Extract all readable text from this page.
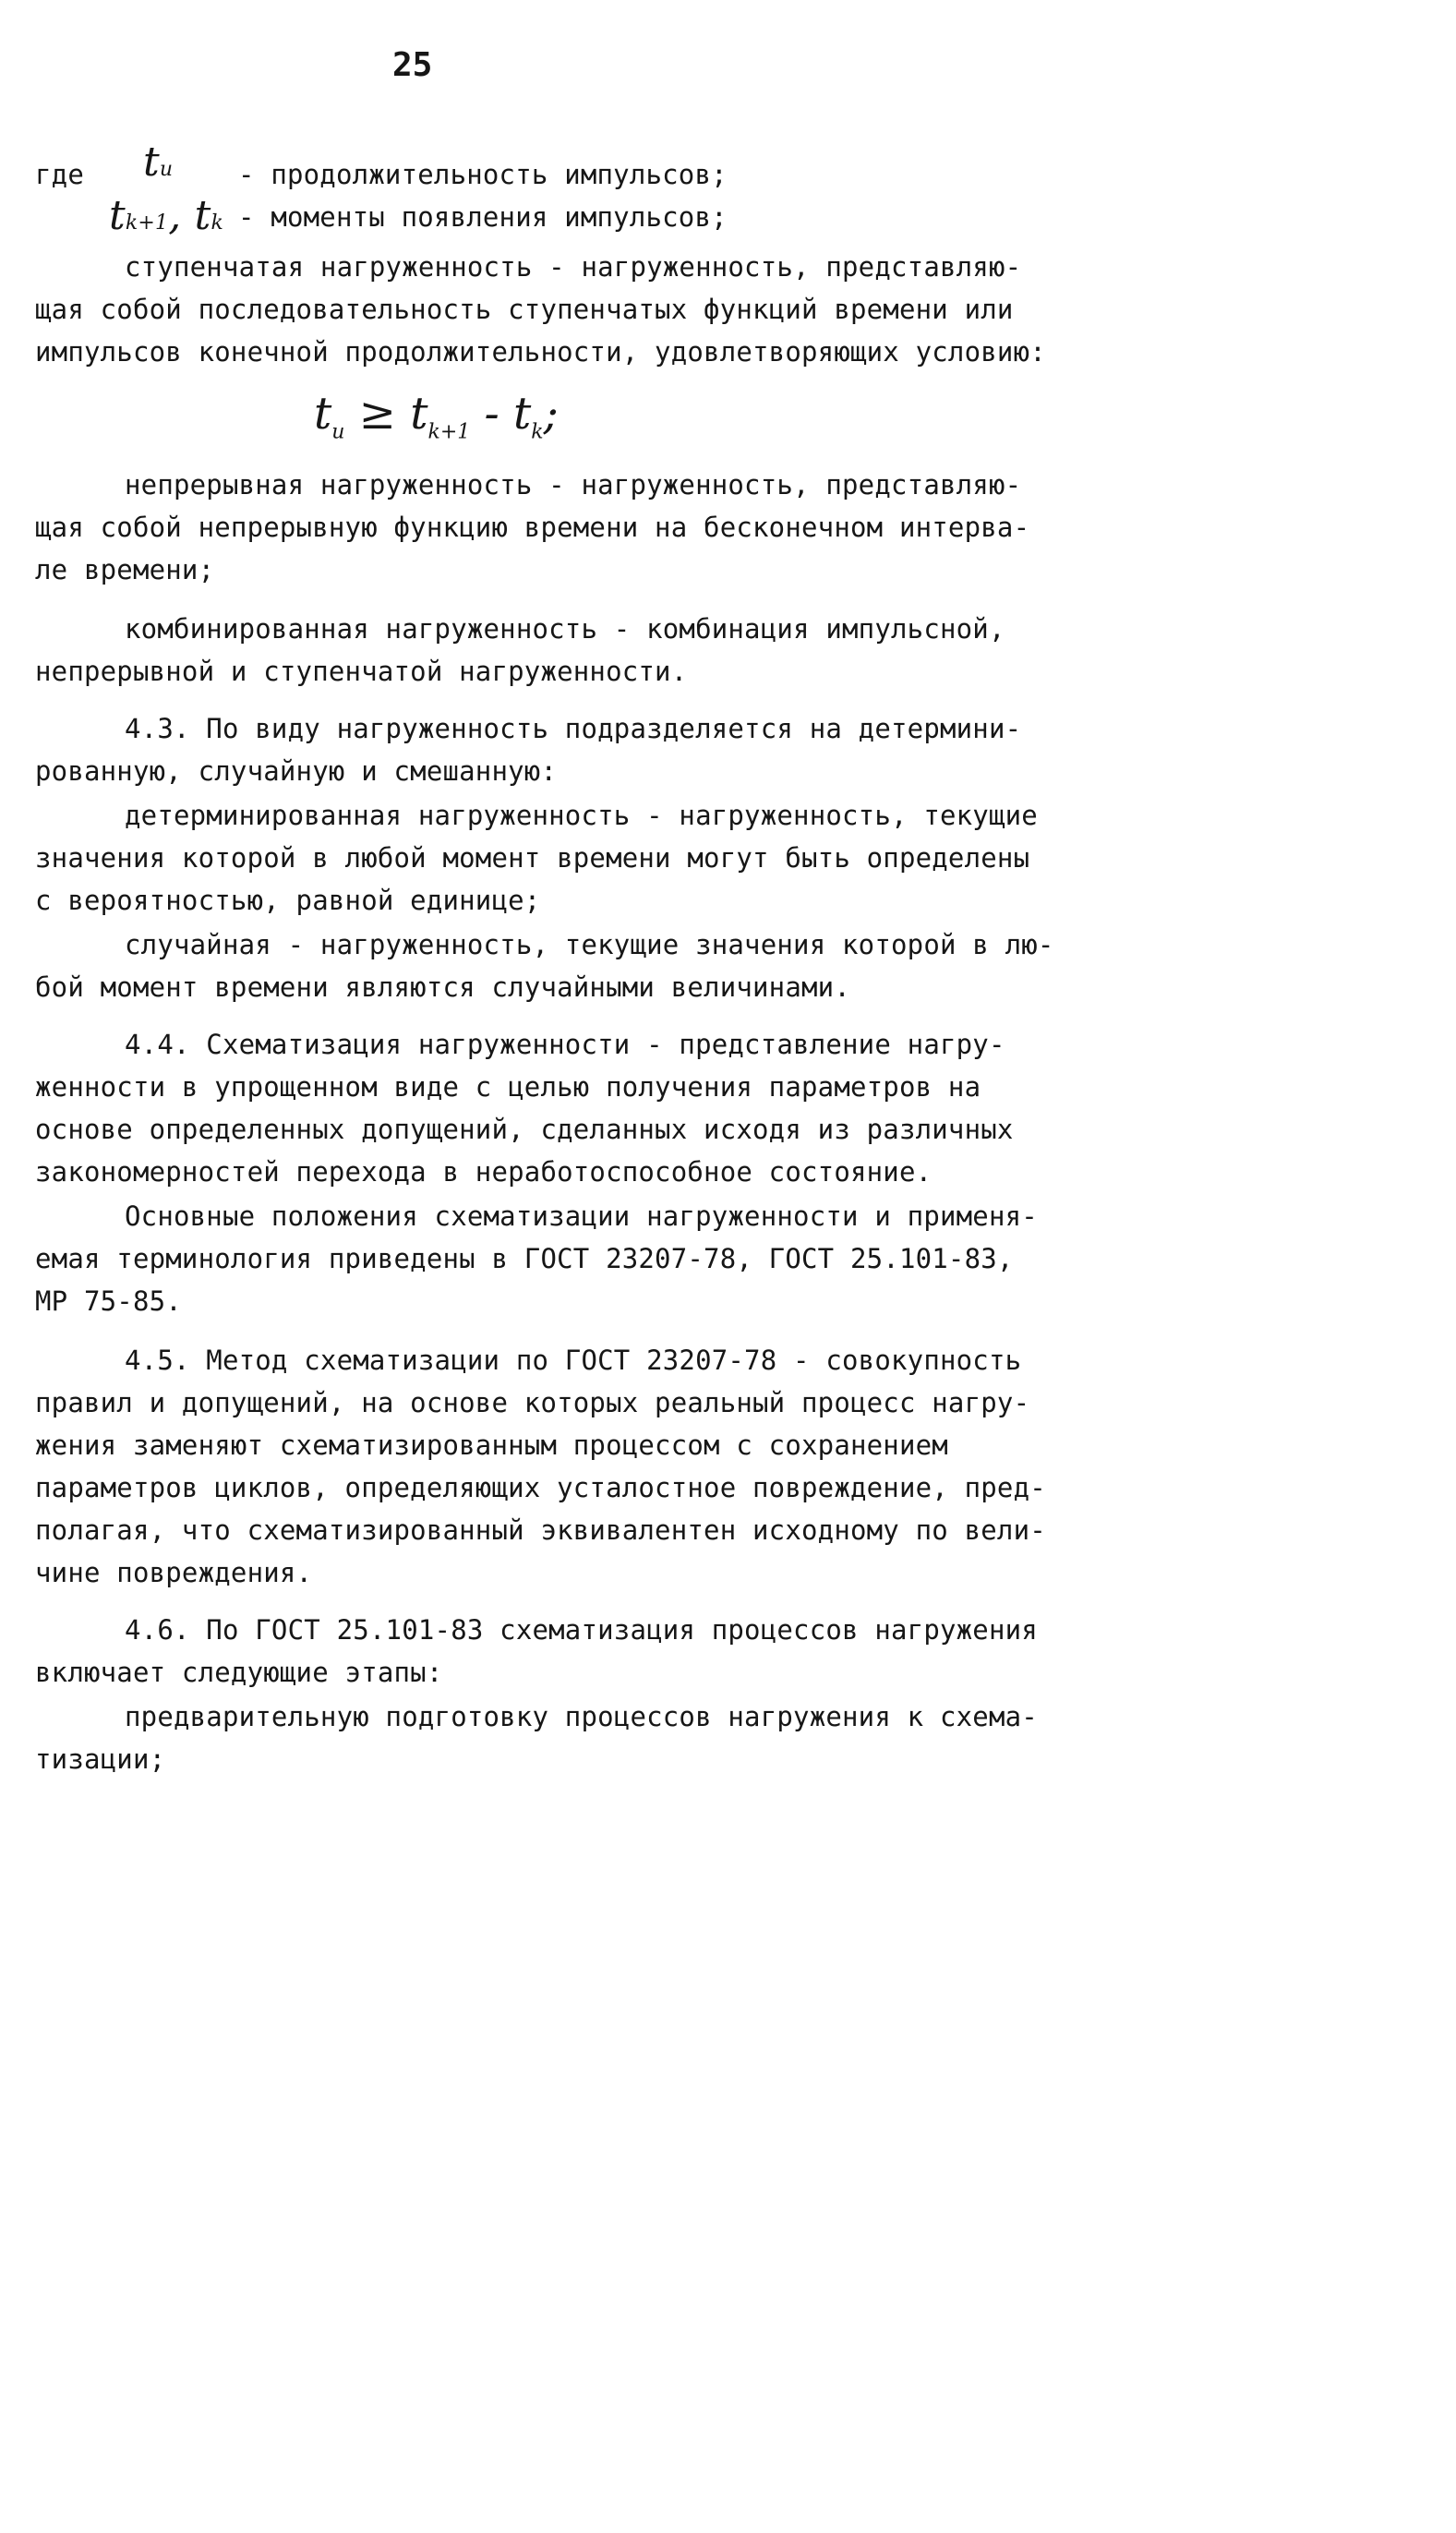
25
где tи - продолжительность импульсов;
tk+1, tk - моменты появления импульсов;
ступенчатая нагруженность - нагруженность, представляю-
щая собой последовательность ступенчатых функций времени или
импульсов конечной продолжительности, удовлетворяющих условию:
$t_и \ge t_{k+1} - t_k$;
непрерывная нагруженность - нагруженность, представляю-
щая собой непрерывную функцию времени на бесконечном интерва-
ле времени;
комбинированная нагруженность - комбинация импульсной,
непрерывной и ступенчатой нагруженности.
4.3. По виду нагруженность подразделяется на детермини-
рованную, случайную и смешанную:
детерминированная нагруженность - нагруженность, текущие
значения которой в любой момент времени могут быть определены
с вероятностью, равной единице;
случайная - нагруженность, текущие значения которой в лю-
бой момент времени являются случайными величинами.
4.4. Схематизация нагруженности - представление нагру-
женности в упрощенном виде с целью получения параметров на
основе определенных допущений, сделанных исходя из различных
закономерностей перехода в неработоспособное состояние.
Основные положения схематизации нагруженности и применя-
емая терминология приведены в ГОСТ 23207-78, ГОСТ 25.101-83,
МР 75-85.
4.5. Метод схематизации по ГОСТ 23207-78 - совокупность
правил и допущений, на основе которых реальный процесс нагру-
жения заменяют схематизированным процессом с сохранением
параметров циклов, определяющих усталостное повреждение, пред-
полагая, что схематизированный эквивалентен исходному по вели-
чине повреждения.
4.6. По ГОСТ 25.101-83 схематизация процессов нагружения
включает следующие этапы:
предварительную подготовку процессов нагружения к схема-
тизации;
